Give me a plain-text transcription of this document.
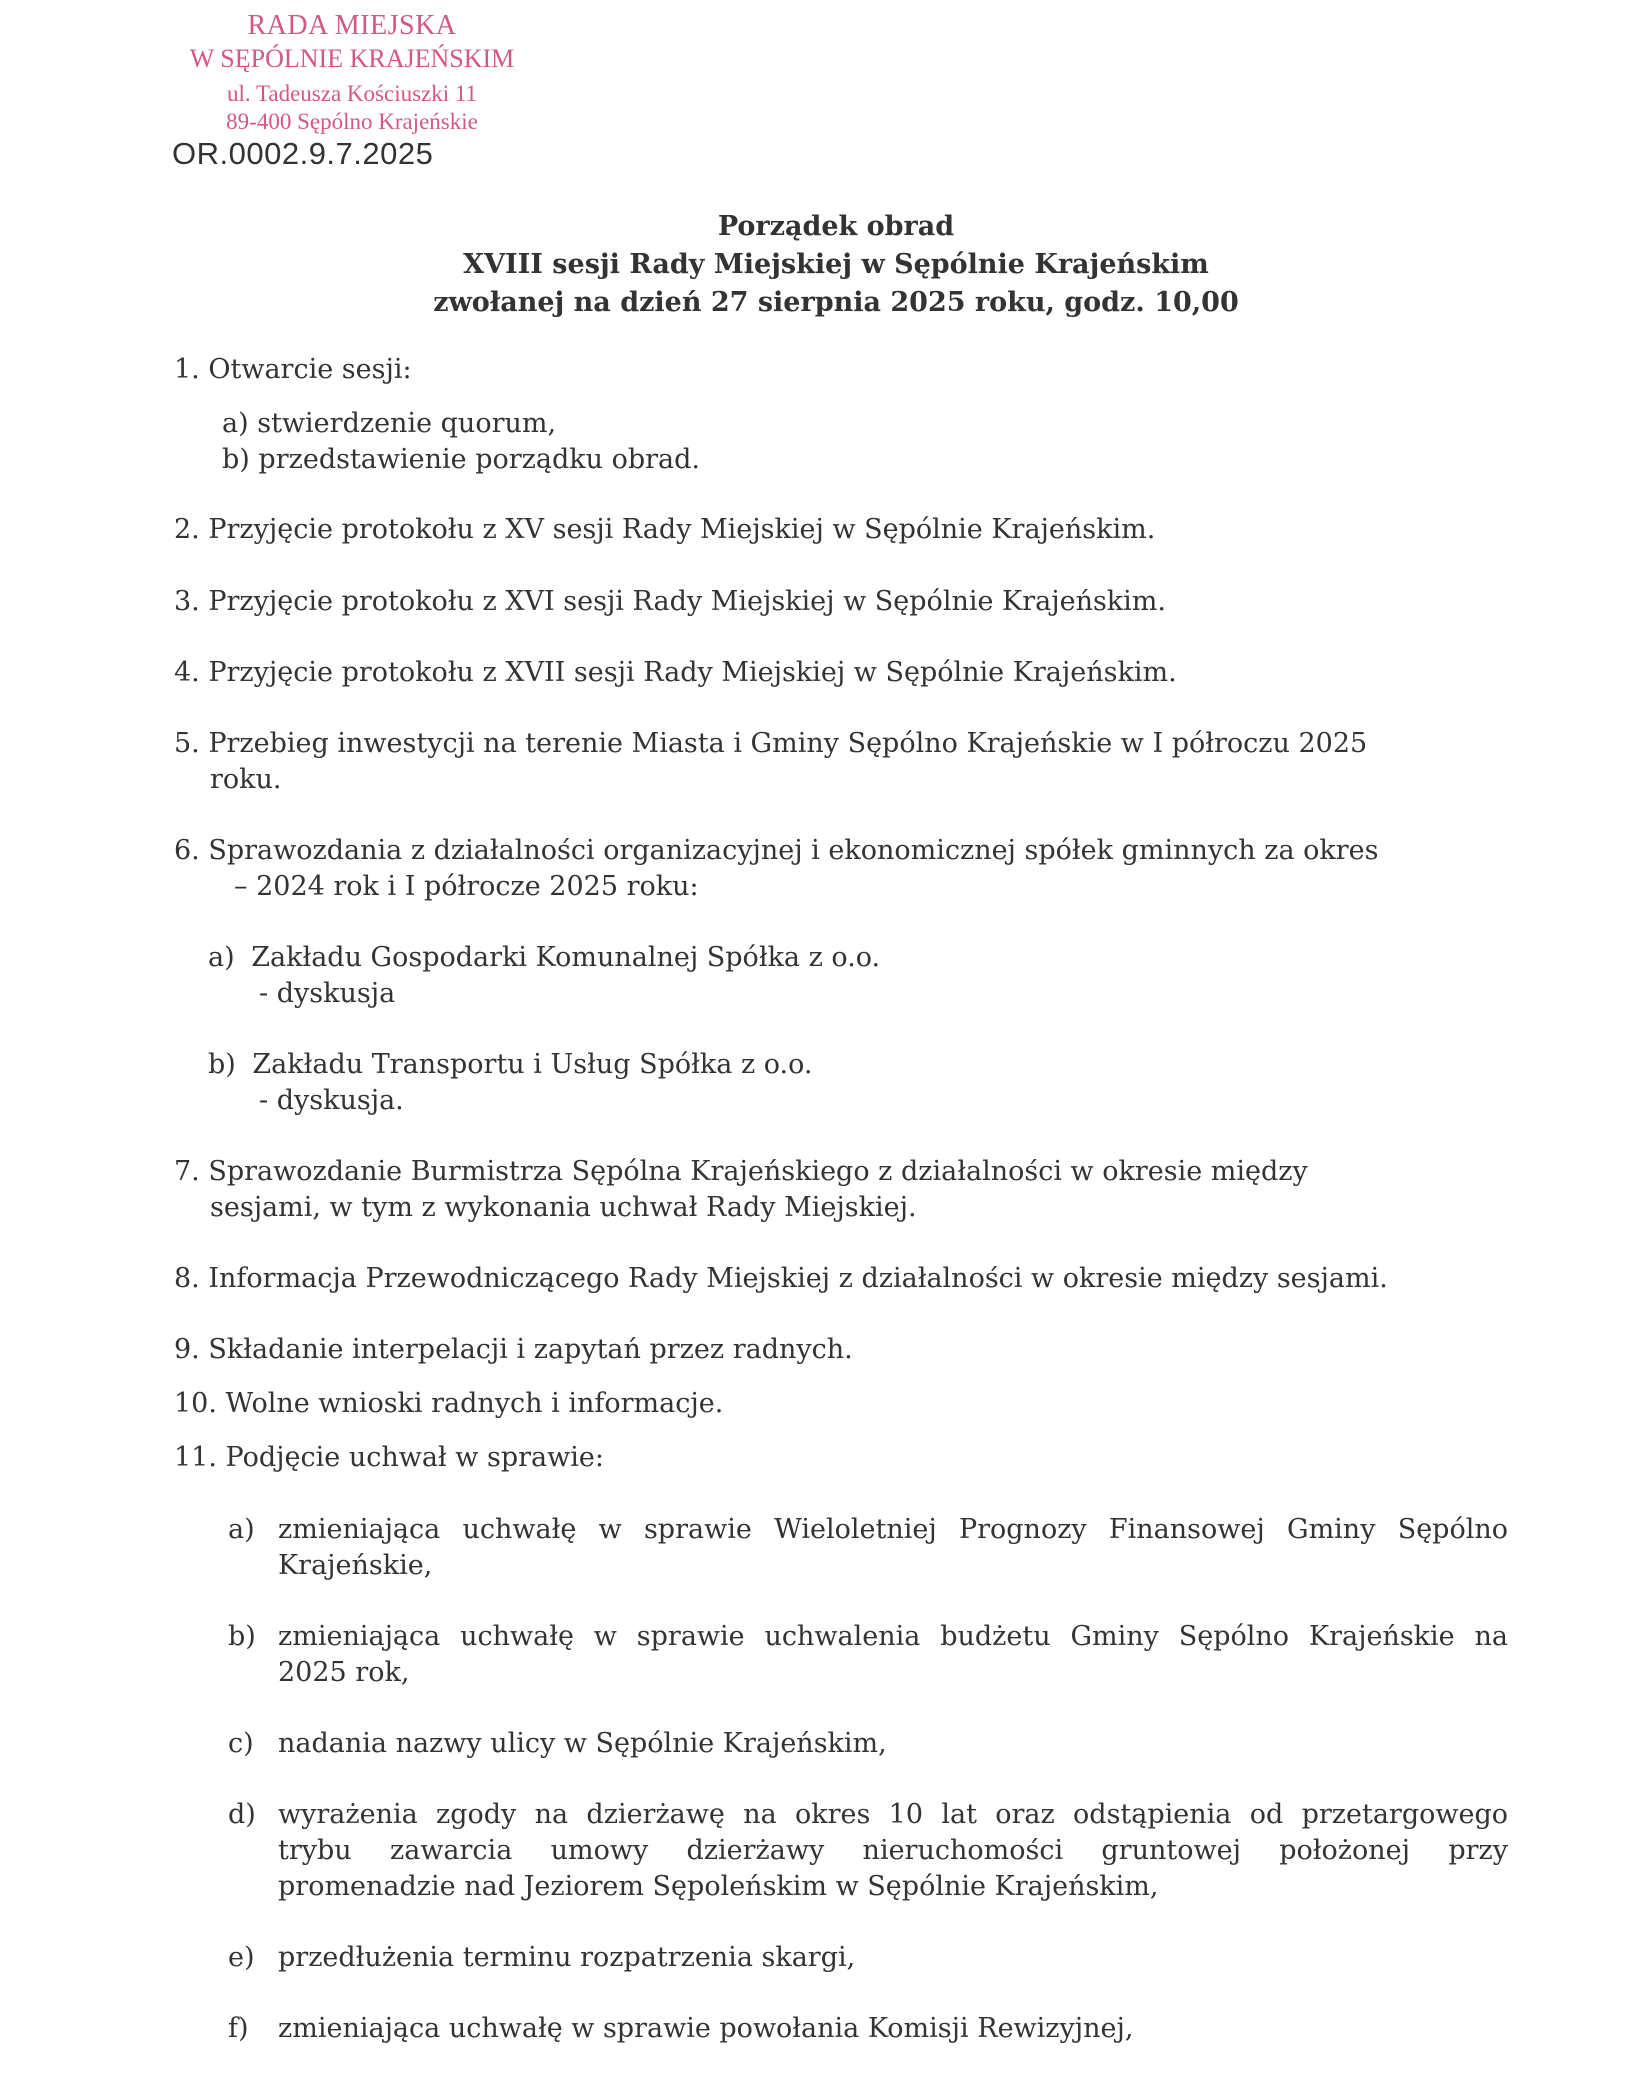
RADA MIEJSKA
W SĘPÓLNIE KRAJEŃSKIM
ul. Tadeusza Kościuszki 11
89-400 Sępólno Krajeńskie
OR.0002.9.7.2025
Porządek obrad
XVIII sesji Rady Miejskiej w Sępólnie Krajeńskim
zwołanej na dzień 27 sierpnia 2025 roku, godz. 10,00
1. Otwarcie sesji:
a) stwierdzenie quorum,
b) przedstawienie porządku obrad.
2. Przyjęcie protokołu z XV sesji Rady Miejskiej w Sępólnie Krajeńskim.
3. Przyjęcie protokołu z XVI sesji Rady Miejskiej w Sępólnie Krajeńskim.
4. Przyjęcie protokołu z XVII sesji Rady Miejskiej w Sępólnie Krajeńskim.
5. Przebieg inwestycji na terenie Miasta i Gminy Sępólno Krajeńskie w I półroczu 2025
roku.
6. Sprawozdania z działalności organizacyjnej i ekonomicznej spółek gminnych za okres
– 2024 rok i I półrocze 2025 roku:
a) Zakładu Gospodarki Komunalnej Spółka z o.o.
- dyskusja
b) Zakładu Transportu i Usług Spółka z o.o.
- dyskusja.
7. Sprawozdanie Burmistrza Sępólna Krajeńskiego z działalności w okresie między
sesjami, w tym z wykonania uchwał Rady Miejskiej.
8. Informacja Przewodniczącego Rady Miejskiej z działalności w okresie między sesjami.
9. Składanie interpelacji i zapytań przez radnych.
10. Wolne wnioski radnych i informacje.
11. Podjęcie uchwał w sprawie:
a) zmieniająca uchwałę w sprawie Wieloletniej Prognozy Finansowej Gminy Sępólno
Krajeńskie,
b) zmieniająca uchwałę w sprawie uchwalenia budżetu Gminy Sępólno Krajeńskie na
2025 rok,
c) nadania nazwy ulicy w Sępólnie Krajeńskim,
d) wyrażenia zgody na dzierżawę na okres 10 lat oraz odstąpienia od przetargowego
trybu zawarcia umowy dzierżawy nieruchomości gruntowej położonej przy
promenadzie nad Jeziorem Sępoleńskim w Sępólnie Krajeńskim,
e) przedłużenia terminu rozpatrzenia skargi,
f) zmieniająca uchwałę w sprawie powołania Komisji Rewizyjnej,
